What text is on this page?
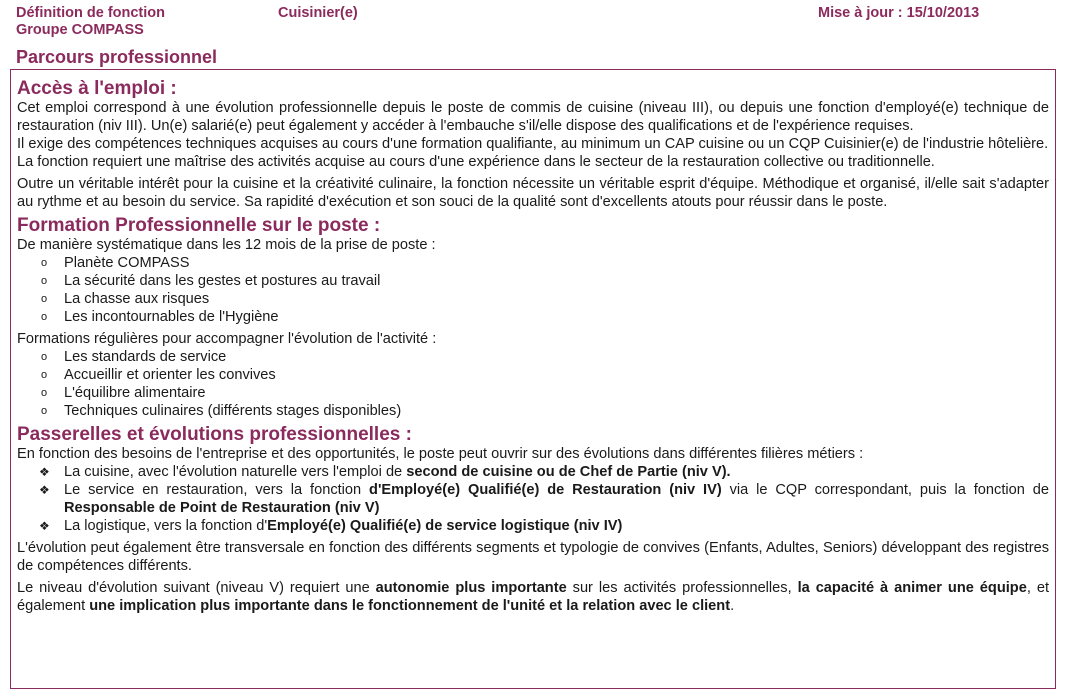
Définition de fonction
Groupe COMPASS
Cuisinier(e)	Mise à jour : 15/10/2013
Parcours professionnel
Accès à l'emploi :

Cet emploi correspond à une évolution professionnelle depuis le poste de commis de cuisine (niveau III), ou depuis une fonction d'employé(e) technique de restauration (niv III). Un(e) salarié(e) peut également y accéder à l'embauche s'il/elle dispose des qualifications et de l'expérience requises.

Il exige des compétences techniques acquises au cours d'une formation qualifiante, au minimum un CAP cuisine ou un CQP Cuisinier(e) de l'industrie hôtelière.

La fonction requiert une maîtrise des activités acquise au cours d'une expérience dans le secteur de la restauration collective ou traditionnelle.

Outre un véritable intérêt pour la cuisine et la créativité culinaire, la fonction nécessite un véritable esprit d'équipe. Méthodique et organisé, il/elle sait s'adapter au rythme et au besoin du service. Sa rapidité d'exécution et son souci de la qualité sont d'excellents atouts pour réussir dans le poste.

Formation Professionnelle sur le poste :

De manière systématique dans les 12 mois de la prise de poste :

o Planète COMPASS
o La sécurité dans les gestes et postures au travail
o La chasse aux risques
o Les incontournables de l'Hygiène

Formations régulières pour accompagner l'évolution de l'activité :

o Les standards de service
o Accueillir et orienter les convives
o L'équilibre alimentaire
o Techniques culinaires (différents stages disponibles)
Passerelles et évolutions professionnelles :

En fonction des besoins de l'entreprise et des opportunités, le poste peut ouvrir sur des évolutions dans différentes filières métiers :

❖ La cuisine, avec l'évolution naturelle vers l'emploi de second de cuisine ou de Chef de Partie (niv V).
❖ Le service en restauration, vers la fonction d'Employé(e) Qualifié(e) de Restauration (niv IV) via le CQP correspondant, puis la fonction de Responsable de Point de Restauration (niv V)
❖ La logistique, vers la fonction d'Employé(e) Qualifié(e) de service logistique (niv IV)

L'évolution peut également être transversale en fonction des différents segments et typologie de convives (Enfants, Adultes, Seniors) développant des registres de compétences différents.

Le niveau d'évolution suivant (niveau V) requiert une autonomie plus importante sur les activités professionnelles, la capacité à animer une équipe, et également une implication plus importante dans le fonctionnement de l'unité et la relation avec le client.
